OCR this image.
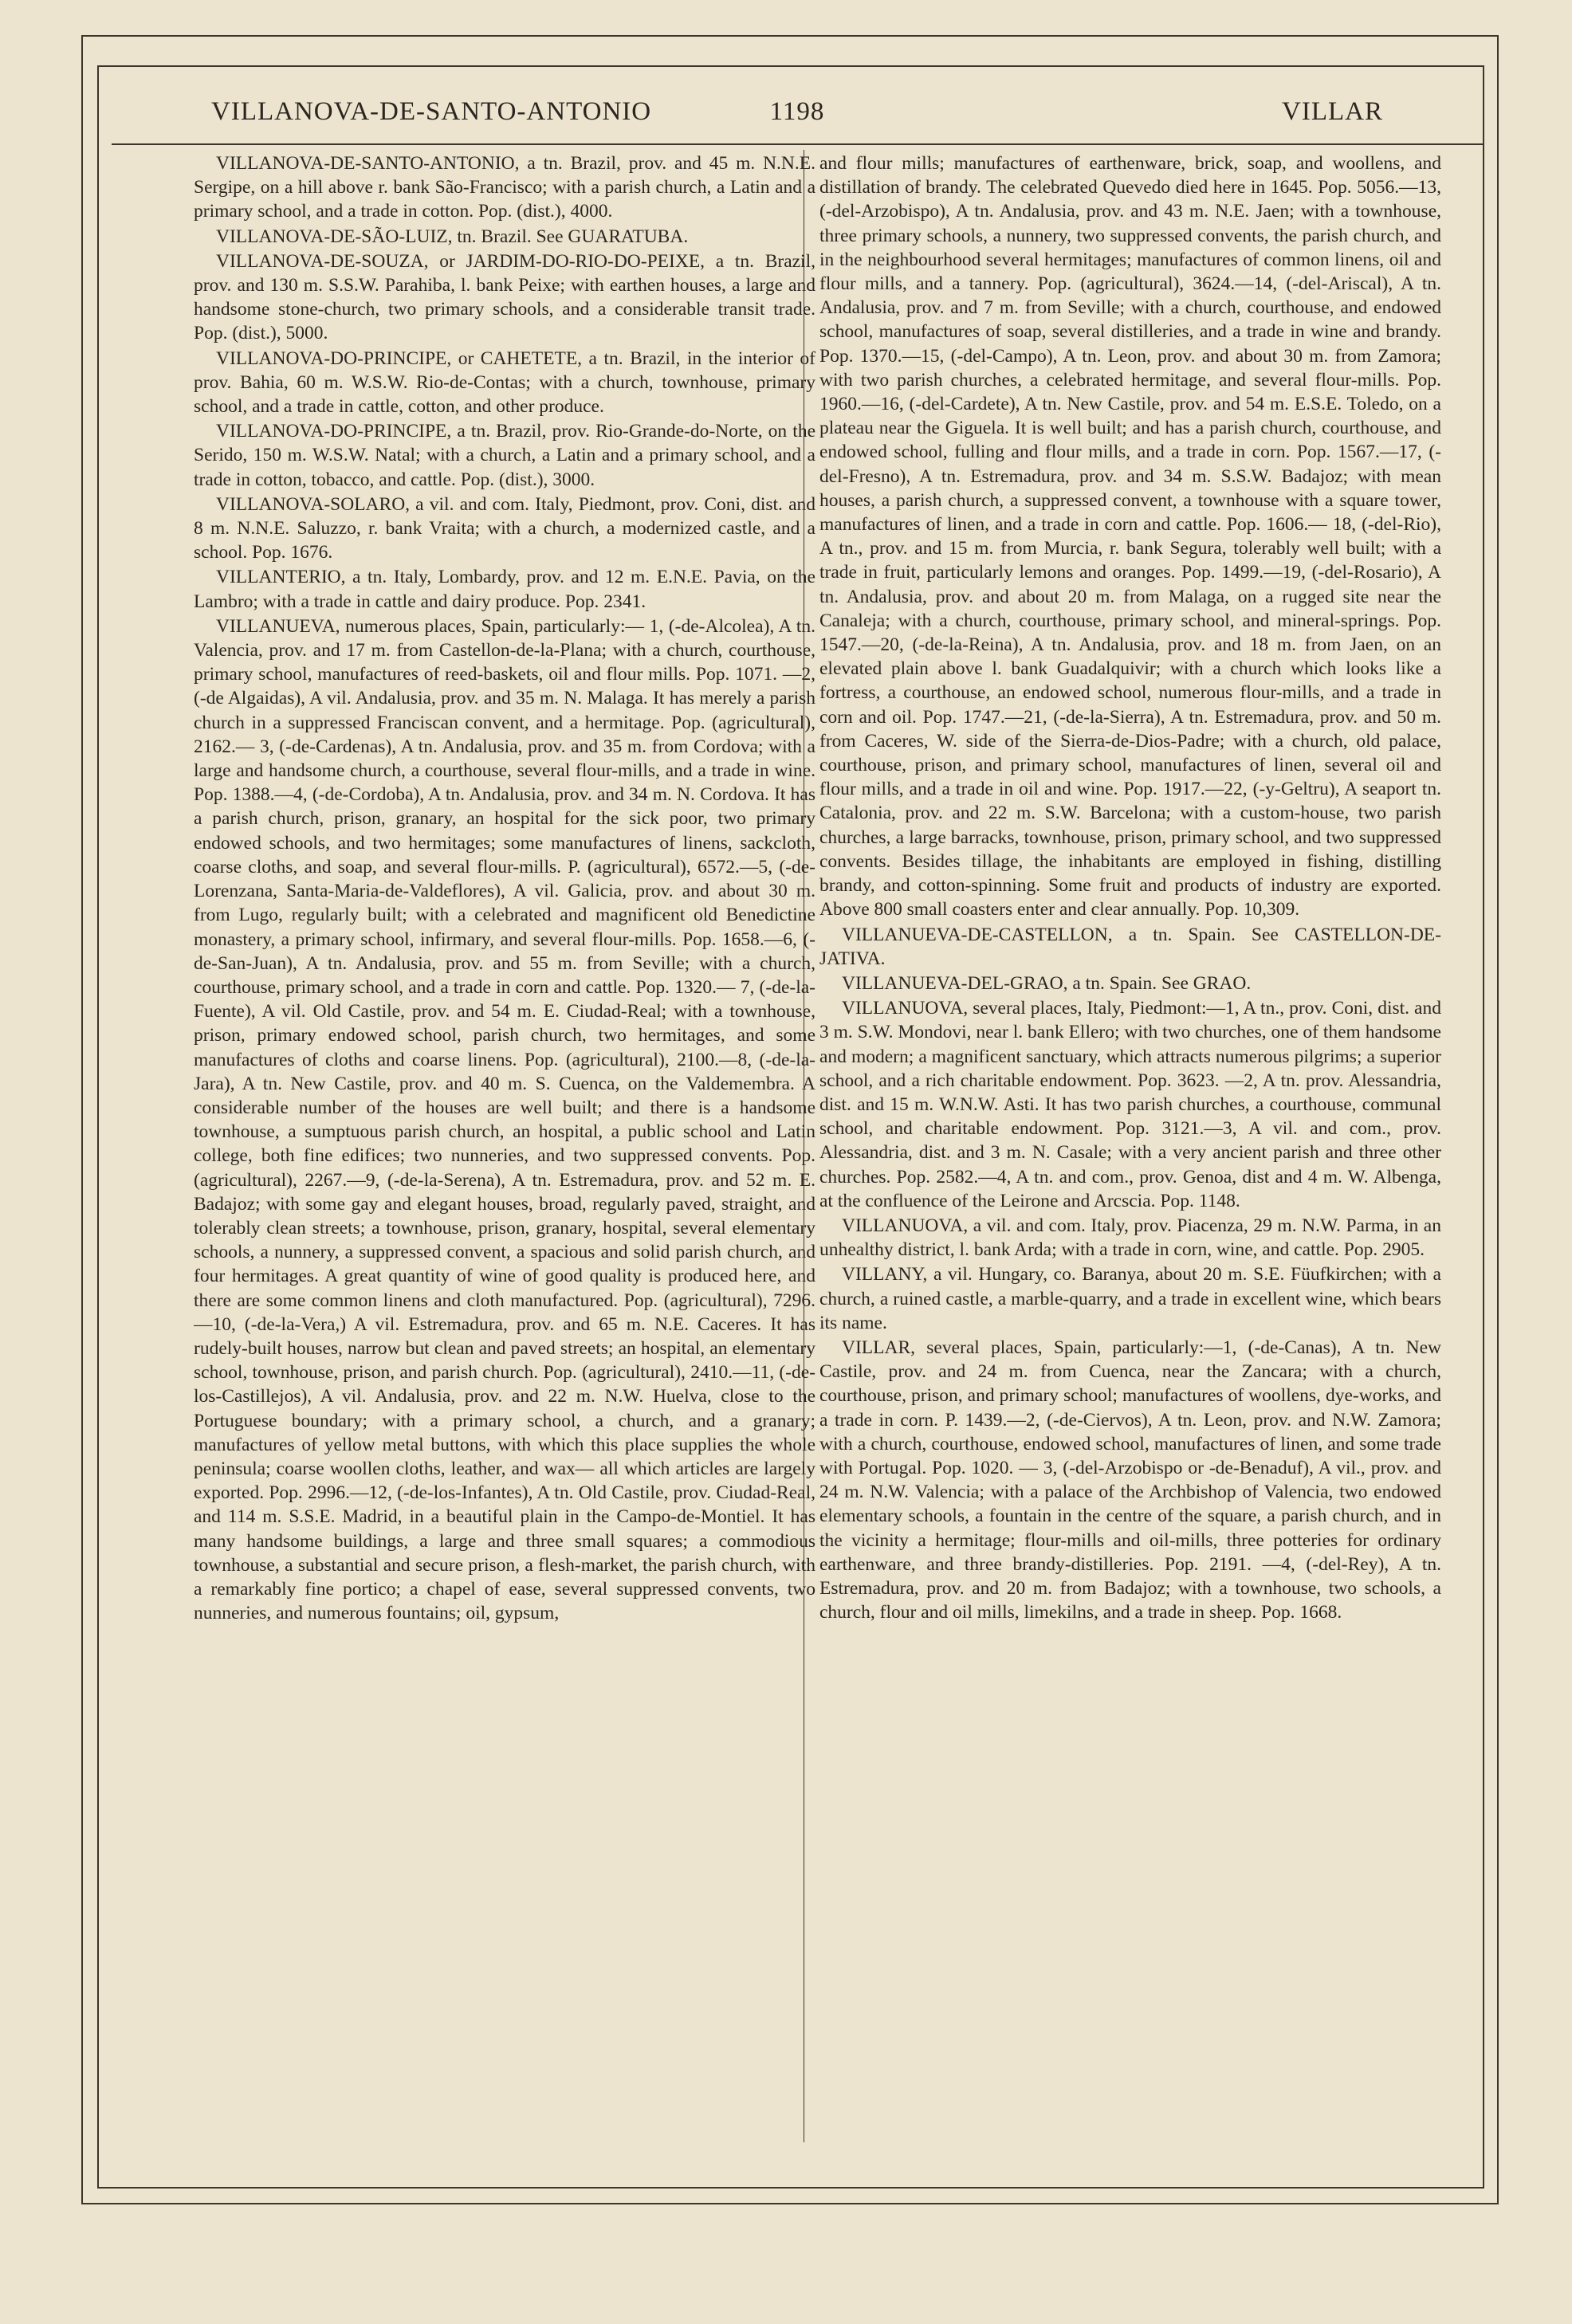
VILLANOVA-DE-SANTO-ANTONIO	1198	VILLAR

VILLANOVA-DE-SANTO-ANTONIO, a tn. Brazil, prov. and 45 m. N.N.E. Sergipe, on a hill above r. bank São-Francisco; with a parish church, a Latin and a primary school, and a trade in cotton. Pop. (dist.), 4000.

VILLANOVA-DE-SÃO-LUIZ, tn. Brazil. See GUARATUBA.

VILLANOVA-DE-SOUZA, or JARDIM-DO-RIO-DO-PEIXE, a tn. Brazil, prov. and 130 m. S.S.W. Parahiba, l. bank Peixe; with earthen houses, a large and handsome stone-church, two primary schools, and a considerable transit trade. Pop. (dist.), 5000.

VILLANOVA-DO-PRINCIPE, or CAHETETE, a tn. Brazil, in the interior of prov. Bahia, 60 m. W.S.W. Rio-de-Contas; with a church, townhouse, primary school, and a trade in cattle, cotton, and other produce.

VILLANOVA-DO-PRINCIPE, a tn. Brazil, prov. Rio-Grande-do-Norte, on the Serido, 150 m. W.S.W. Natal; with a church, a Latin and a primary school, and a trade in cotton, tobacco, and cattle. Pop. (dist.), 3000.

VILLANOVA-SOLARO, a vil. and com. Italy, Piedmont, prov. Coni, dist. and 8 m. N.N.E. Saluzzo, r. bank Vraita; with a church, a modernized castle, and a school. Pop. 1676.

VILLANTERIO, a tn. Italy, Lombardy, prov. and 12 m. E.N.E. Pavia, on the Lambro; with a trade in cattle and dairy produce. Pop. 2341.

VILLANUEVA, numerous places, Spain, particularly:— 1, (-de-Alcolea), A tn. Valencia, prov. and 17 m. from Castellon-de-la-Plana; with a church, courthouse, primary school, manufactures of reed-baskets, oil and flour mills. Pop. 1071. —2, (-de Algaidas), A vil. Andalusia, prov. and 35 m. N. Malaga. It has merely a parish church in a suppressed Franciscan convent, and a hermitage. Pop. (agricultural), 2162.— 3, (-de-Cardenas), A tn. Andalusia, prov. and 35 m. from Cordova; with a large and handsome church, a courthouse, several flour-mills, and a trade in wine. Pop. 1388.—4, (-de-Cordoba), A tn. Andalusia, prov. and 34 m. N. Cordova. It has a parish church, prison, granary, an hospital for the sick poor, two primary endowed schools, and two hermitages; some manufactures of linens, sackcloth, coarse cloths, and soap, and several flour-mills. P. (agricultural), 6572.—5, (-de-Lorenzana, Santa-Maria-de-Valdeflores), A vil. Galicia, prov. and about 30 m. from Lugo, regularly built; with a celebrated and magnificent old Benedictine monastery, a primary school, infirmary, and several flour-mills. Pop. 1658.—6, (-de-San-Juan), A tn. Andalusia, prov. and 55 m. from Seville; with a church, courthouse, primary school, and a trade in corn and cattle. Pop. 1320.— 7, (-de-la-Fuente), A vil. Old Castile, prov. and 54 m. E. Ciudad-Real; with a townhouse, prison, primary endowed school, parish church, two hermitages, and some manufactures of cloths and coarse linens. Pop. (agricultural), 2100.—8, (-de-la-Jara), A tn. New Castile, prov. and 40 m. S. Cuenca, on the Valdemembra. A considerable number of the houses are well built; and there is a handsome townhouse, a sumptuous parish church, an hospital, a public school and Latin college, both fine edifices; two nunneries, and two suppressed convents. Pop. (agricultural), 2267.—9, (-de-la-Serena), A tn. Estremadura, prov. and 52 m. E. Badajoz; with some gay and elegant houses, broad, regularly paved, straight, and tolerably clean streets; a townhouse, prison, granary, hospital, several elementary schools, a nunnery, a suppressed convent, a spacious and solid parish church, and four hermitages. A great quantity of wine of good quality is produced here, and there are some common linens and cloth manufactured. Pop. (agricultural), 7296.—10, (-de-la-Vera,) A vil. Estremadura, prov. and 65 m. N.E. Caceres. It has rudely-built houses, narrow but clean and paved streets; an hospital, an elementary school, townhouse, prison, and parish church. Pop. (agricultural), 2410.—11, (-de-los-Castillejos), A vil. Andalusia, prov. and 22 m. N.W. Huelva, close to the Portuguese boundary; with a primary school, a church, and a granary; manufactures of yellow metal buttons, with which this place supplies the whole peninsula; coarse woollen cloths, leather, and wax— all which articles are largely exported. Pop. 2996.—12, (-de-los-Infantes), A tn. Old Castile, prov. Ciudad-Real, and 114 m. S.S.E. Madrid, in a beautiful plain in the Campo-de-Montiel. It has many handsome buildings, a large and three small squares; a commodious townhouse, a substantial and secure prison, a flesh-market, the parish church, with a remarkably fine portico; a chapel of ease, several suppressed convents, two nunneries, and numerous fountains; oil, gypsum,

and flour mills; manufactures of earthenware, brick, soap, and woollens, and distillation of brandy. The celebrated Quevedo died here in 1645. Pop. 5056.—13, (-del-Arzobispo), A tn. Andalusia, prov. and 43 m. N.E. Jaen; with a townhouse, three primary schools, a nunnery, two suppressed convents, the parish church, and in the neighbourhood several hermitages; manufactures of common linens, oil and flour mills, and a tannery. Pop. (agricultural), 3624.—14, (-del-Ariscal), A tn. Andalusia, prov. and 7 m. from Seville; with a church, courthouse, and endowed school, manufactures of soap, several distilleries, and a trade in wine and brandy. Pop. 1370.—15, (-del-Campo), A tn. Leon, prov. and about 30 m. from Zamora; with two parish churches, a celebrated hermitage, and several flour-mills. Pop. 1960.—16, (-del-Cardete), A tn. New Castile, prov. and 54 m. E.S.E. Toledo, on a plateau near the Giguela. It is well built; and has a parish church, courthouse, and endowed school, fulling and flour mills, and a trade in corn. Pop. 1567.—17, (-del-Fresno), A tn. Estremadura, prov. and 34 m. S.S.W. Badajoz; with mean houses, a parish church, a suppressed convent, a townhouse with a square tower, manufactures of linen, and a trade in corn and cattle. Pop. 1606.— 18, (-del-Rio), A tn., prov. and 15 m. from Murcia, r. bank Segura, tolerably well built; with a trade in fruit, particularly lemons and oranges. Pop. 1499.—19, (-del-Rosario), A tn. Andalusia, prov. and about 20 m. from Malaga, on a rugged site near the Canaleja; with a church, courthouse, primary school, and mineral-springs. Pop. 1547.—20, (-de-la-Reina), A tn. Andalusia, prov. and 18 m. from Jaen, on an elevated plain above l. bank Guadalquivir; with a church which looks like a fortress, a courthouse, an endowed school, numerous flour-mills, and a trade in corn and oil. Pop. 1747.—21, (-de-la-Sierra), A tn. Estremadura, prov. and 50 m. from Caceres, W. side of the Sierra-de-Dios-Padre; with a church, old palace, courthouse, prison, and primary school, manufactures of linen, several oil and flour mills, and a trade in oil and wine. Pop. 1917.—22, (-y-Geltru), A seaport tn. Catalonia, prov. and 22 m. S.W. Barcelona; with a custom-house, two parish churches, a large barracks, townhouse, prison, primary school, and two suppressed convents. Besides tillage, the inhabitants are employed in fishing, distilling brandy, and cotton-spinning. Some fruit and products of industry are exported. Above 800 small coasters enter and clear annually. Pop. 10,309.

VILLANUEVA-DE-CASTELLON, a tn. Spain. See CASTELLON-DE-JATIVA.

VILLANUEVA-DEL-GRAO, a tn. Spain. See GRAO.

VILLANUOVA, several places, Italy, Piedmont:—1, A tn., prov. Coni, dist. and 3 m. S.W. Mondovi, near l. bank Ellero; with two churches, one of them handsome and modern; a magnificent sanctuary, which attracts numerous pilgrims; a superior school, and a rich charitable endowment. Pop. 3623. —2, A tn. prov. Alessandria, dist. and 15 m. W.N.W. Asti. It has two parish churches, a courthouse, communal school, and charitable endowment. Pop. 3121.—3, A vil. and com., prov. Alessandria, dist. and 3 m. N. Casale; with a very ancient parish and three other churches. Pop. 2582.—4, A tn. and com., prov. Genoa, dist and 4 m. W. Albenga, at the confluence of the Leirone and Arcscia. Pop. 1148.

VILLANUOVA, a vil. and com. Italy, prov. Piacenza, 29 m. N.W. Parma, in an unhealthy district, l. bank Arda; with a trade in corn, wine, and cattle. Pop. 2905.

VILLANY, a vil. Hungary, co. Baranya, about 20 m. S.E. Füufkirchen; with a church, a ruined castle, a marble-quarry, and a trade in excellent wine, which bears its name.

VILLAR, several places, Spain, particularly:—1, (-de-Canas), A tn. New Castile, prov. and 24 m. from Cuenca, near the Zancara; with a church, courthouse, prison, and primary school; manufactures of woollens, dye-works, and a trade in corn. P. 1439.—2, (-de-Ciervos), A tn. Leon, prov. and N.W. Zamora; with a church, courthouse, endowed school, manufactures of linen, and some trade with Portugal. Pop. 1020. — 3, (-del-Arzobispo or -de-Benaduf), A vil., prov. and 24 m. N.W. Valencia; with a palace of the Archbishop of Valencia, two endowed elementary schools, a fountain in the centre of the square, a parish church, and in the vicinity a hermitage; flour-mills and oil-mills, three potteries for ordinary earthenware, and three brandy-distilleries. Pop. 2191. —4, (-del-Rey), A tn. Estremadura, prov. and 20 m. from Badajoz; with a townhouse, two schools, a church, flour and oil mills, limekilns, and a trade in sheep. Pop. 1668.
